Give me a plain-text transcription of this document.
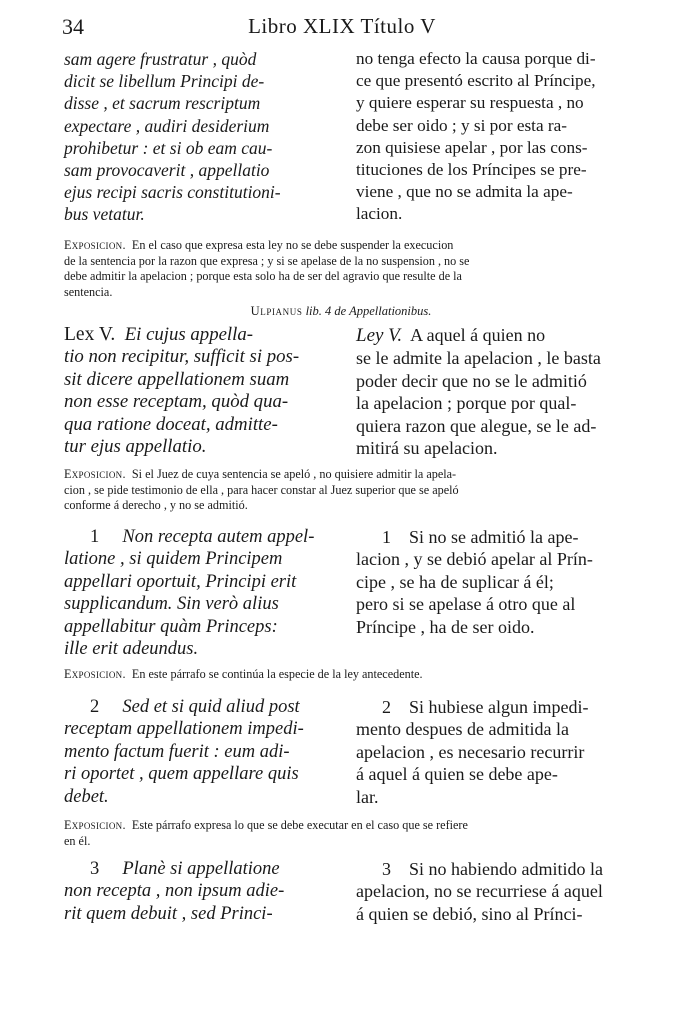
34	Libro XLIX Título V
sam agere frustratur , quòd
dicit se libellum Principi de-
disse , et sacrum rescriptum
expectare , audiri desiderium
prohibetur : et si ob eam cau-
sam provocaverit , appellatio
ejus recipi sacris constitutioni-
bus vetatur.
no tenga efecto la causa porque di-
ce que presentó escrito al Príncipe,
y quiere esperar su respuesta , no
debe ser oido ; y si por esta ra-
zon quisiese apelar , por las cons-
tituciones de los Príncipes se pre-
viene , que no se admita la ape-
lacion.
Exposicion. En el caso que expresa esta ley no se debe suspender la execucion
de la sentencia por la razon que expresa ; y si se apelase de la no suspension , no se
debe admitir la apelacion ; porque esta solo ha de ser del agravio que resulte de la
sentencia.
Ulpianus lib. 4 de Appellationibus.
Lex V. Ei cujus appella-
tio non recipitur, sufficit si pos-
sit dicere appellationem suam
non esse receptam, quòd qua-
qua ratione doceat, admitte-
tur ejus appellatio.
Ley V. A aquel á quien no
se le admite la apelacion , le basta
poder decir que no se le admitió
la apelacion ; porque por qual-
quiera razon que alegue, se le ad-
mitirá su apelacion.
Exposicion. Si el Juez de cuya sentencia se apeló , no quisiere admitir la apela-
cion , se pide testimonio de ella , para hacer constar al Juez superior que se apeló
conforme á derecho , y no se admitió.
1 Non recepta autem appel-
latione , si quidem Principem
appellari oportuit, Principi erit
supplicandum. Sin verò alius
appellabitur quàm Princeps:
ille erit adeundus.
1 Si no se admitió la ape-
lacion , y se debió apelar al Prín-
cipe , se ha de suplicar á él;
pero si se apelase á otro que al
Príncipe , ha de ser oido.
Exposicion. En este párrafo se continúa la especie de la ley antecedente.
2 Sed et si quid aliud post
receptam appellationem impedi-
mento factum fuerit : eum adi-
ri oportet , quem appellare quis
debet.
2 Si hubiese algun impedi-
mento despues de admitida la
apelacion , es necesario recurrir
á aquel á quien se debe ape-
lar.
Exposicion. Este párrafo expresa lo que se debe executar en el caso que se refiere
en él.
3 Planè si appellatione
non recepta , non ipsum adie-
rit quem debuit , sed Princi-
3 Si no habiendo admitido la
apelacion, no se recurriese á aquel
á quien se debió, sino al Prínci-
